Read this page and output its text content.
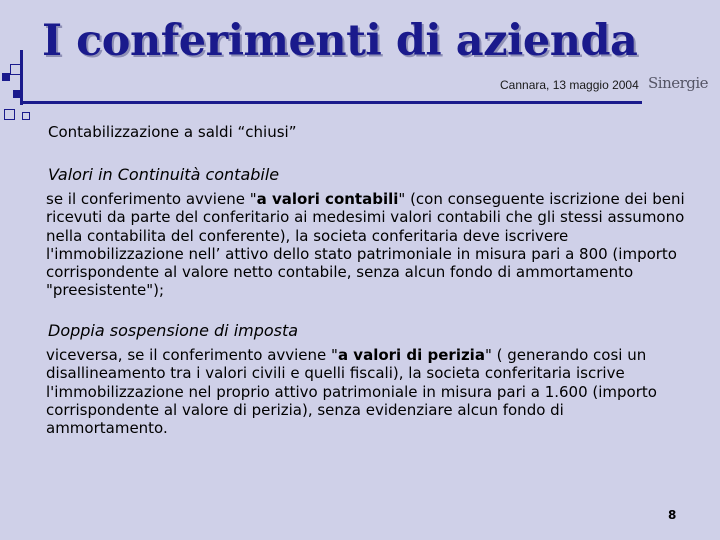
I conferimenti di azienda
Cannara, 13 maggio 2004 Sinergie
Contabilizzazione a saldi “chiusi”
Valori in Continuità contabile
se il conferimento avviene "a valori contabili" (con conseguente iscrizione dei beni ricevuti da parte del conferitario ai medesimi valori contabili che gli stessi assumono nella contabilita del conferente), la societa conferitaria deve iscrivere l'immobilizzazione nell’ attivo dello stato patrimoniale in misura pari a 800 (importo corrispondente al valore netto contabile, senza alcun fondo di ammortamento "preesistente");
Doppia sospensione di imposta
viceversa, se il conferimento avviene "a valori di perizia" ( generando cosi un disallineamento tra i valori civili e quelli fiscali), la societa conferitaria iscrive l'immobilizzazione nel proprio attivo patrimoniale in misura pari a 1.600 (importo corrispondente al valore di perizia), senza evidenziare alcun fondo di ammortamento.
8
